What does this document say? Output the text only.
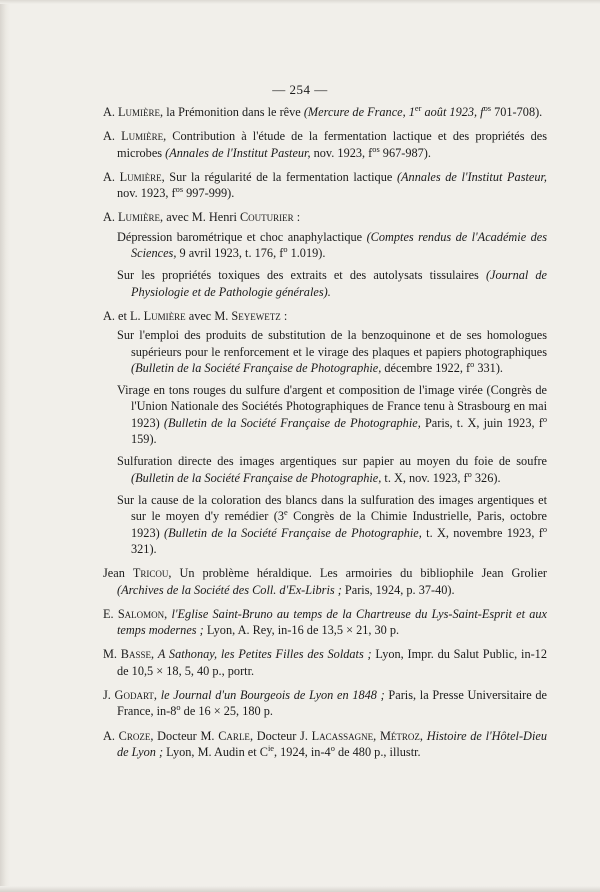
— 254 —

A. Lumière, la Prémonition dans le rêve (Mercure de France, 1er août 1923, $f^{os}$ 701-708).

A. Lumière, Contribution à l'étude de la fermentation lactique et des propriétés des microbes (Annales de l'Institut Pasteur, nov. 1923, $f^{os}$ 967-987).

A. Lumière, Sur la régularité de la fermentation lactique (Annales de l'Institut Pasteur, nov. 1923, $f^{os}$ 997-999).

A. Lumière, avec M. Henri Couturier :

Dépression barométrique et choc anaphylactique (Comptes rendus de l'Académie des Sciences, 9 avril 1923, t. 176, $f^o$ 1.019).

Sur les propriétés toxiques des extraits et des autolysats tissulaires (Journal de Physiologie et de Pathologie générales).

A. et L. Lumière avec M. Seyewetz :

Sur l'emploi des produits de substitution de la benzoquinone et de ses homologues supérieurs pour le renforcement et le virage des plaques et papiers photographiques (Bulletin de la Société Française de Photographie, décembre 1922, $f^o$ 331).

Virage en tons rouges du sulfure d'argent et composition de l'image virée (Congrès de l'Union Nationale des Sociétés Photographiques de France tenu à Strasbourg en mai 1923) (Bulletin de la Société Française de Photographie, Paris, t. X, juin 1923, $f^o$ 159).

Sulfuration directe des images argentiques sur papier au moyen du foie de soufre (Bulletin de la Société Française de Photographie, t. X, nov. 1923, $f^o$ 326).

Sur la cause de la coloration des blancs dans la sulfuration des images argentiques et sur le moyen d'y remédier (3e Congrès de la Chimie Industrielle, Paris, octobre 1923) (Bulletin de la Société Française de Photographie, t. X, novembre 1923, $f^o$ 321).

Jean Tricou, Un problème héraldique. Les armoiries du bibliophile Jean Grolier (Archives de la Société des Coll. d'Ex-Libris ; Paris, 1924, p. 37-40).

E. Salomon, l'Eglise Saint-Bruno au temps de la Chartreuse du Lys-Saint-Esprit et aux temps modernes ; Lyon, A. Rey, in-16 de 13,5 × 21, 30 p.

M. Basse, A Sathonay, les Petites Filles des Soldats ; Lyon, Impr. du Salut Public, in-12 de 10,5 × 18, 5, 40 p., portr.

J. Godart, le Journal d'un Bourgeois de Lyon en 1848 ; Paris, la Presse Universitaire de France, in-8$^o$ de 16 × 25, 180 p.

A. Croze, Docteur M. Carle, Docteur J. Lacassagne, Métroz, Histoire de l'Hôtel-Dieu de Lyon ; Lyon, M. Audin et $C^{ie}$, 1924, in-4$^o$ de 480 p., illustr.
